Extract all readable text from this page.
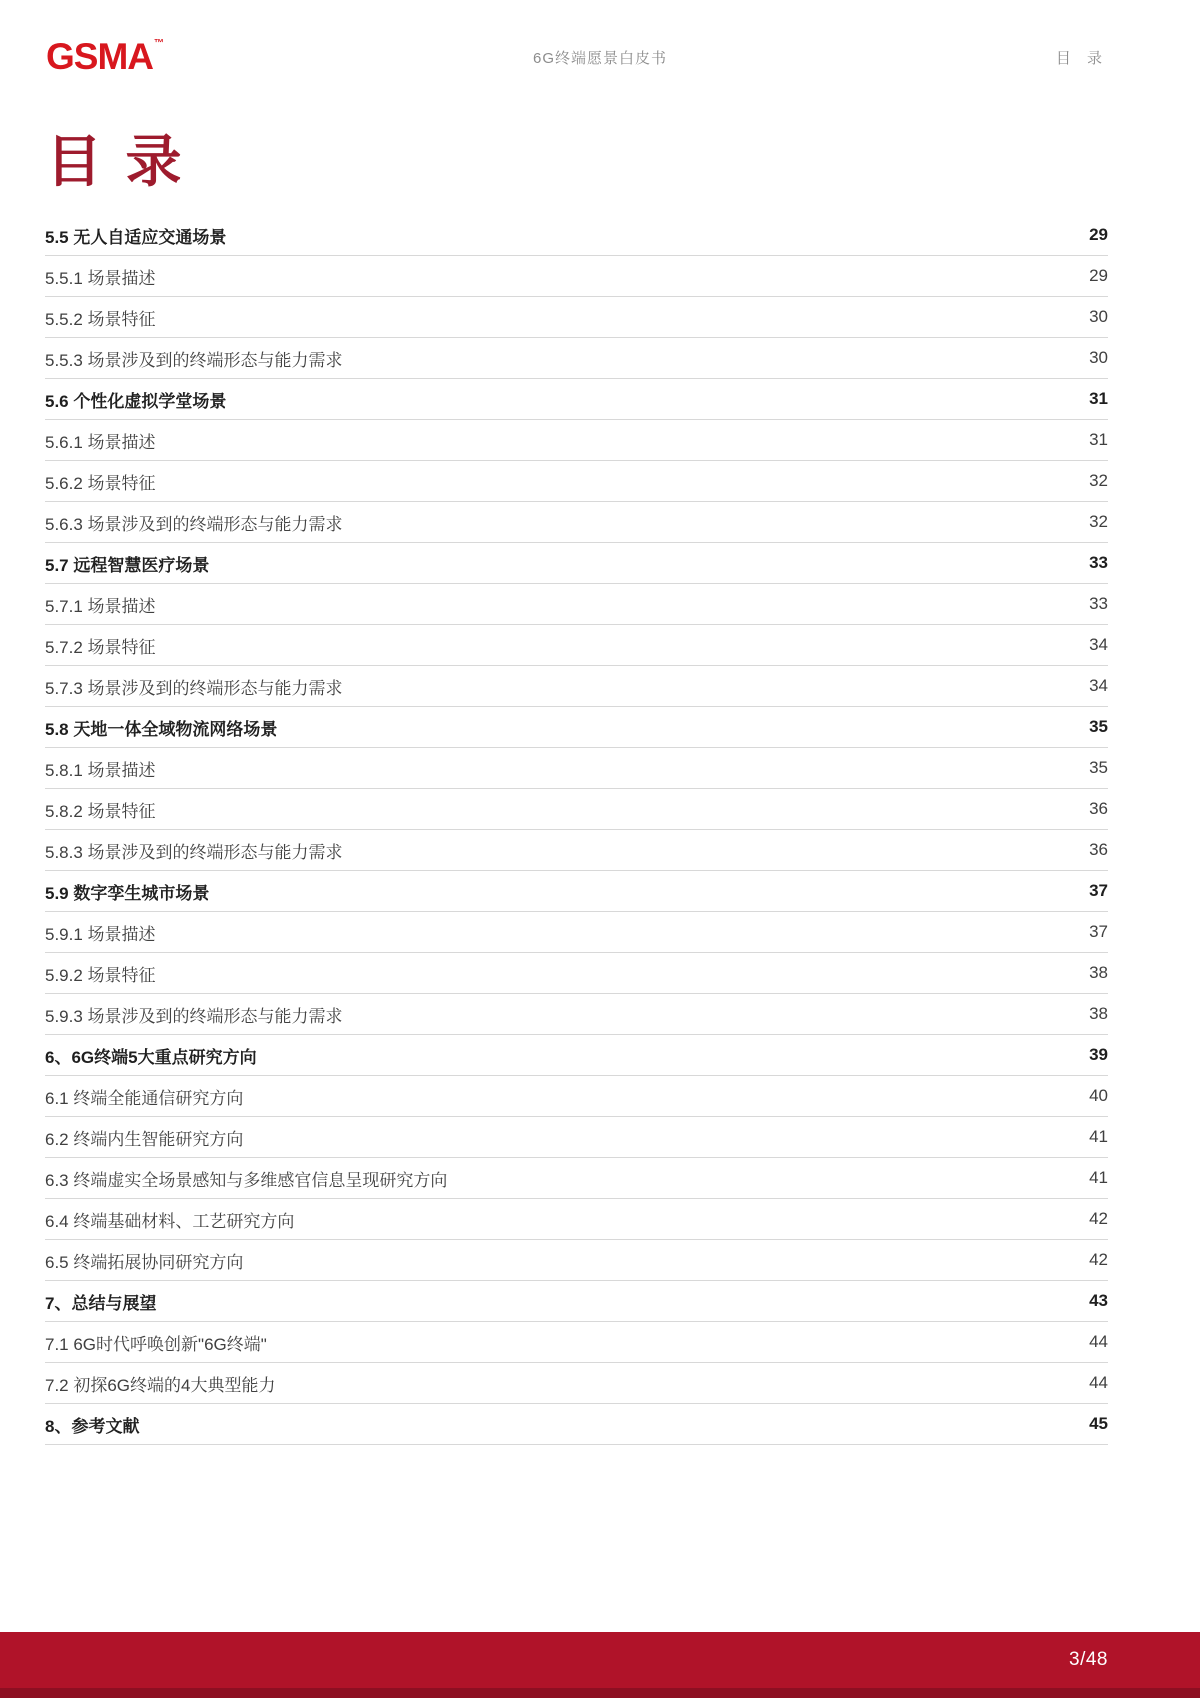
GSMA™
6G终端愿景白皮书	目 录
目 录
5.5 无人自适应交通场景	29
5.5.1 场景描述	29
5.5.2 场景特征	30
5.5.3 场景涉及到的终端形态与能力需求	30
5.6 个性化虚拟学堂场景	31
5.6.1 场景描述	31
5.6.2 场景特征	32
5.6.3 场景涉及到的终端形态与能力需求	32
5.7 远程智慧医疗场景	33
5.7.1 场景描述	33
5.7.2 场景特征	34
5.7.3 场景涉及到的终端形态与能力需求	34
5.8 天地一体全域物流网络场景	35
5.8.1 场景描述	35
5.8.2 场景特征	36
5.8.3 场景涉及到的终端形态与能力需求	36
5.9 数字孪生城市场景	37
5.9.1 场景描述	37
5.9.2 场景特征	38
5.9.3 场景涉及到的终端形态与能力需求	38
6、6G终端5大重点研究方向	39
6.1 终端全能通信研究方向	40
6.2 终端内生智能研究方向	41
6.3 终端虚实全场景感知与多维感官信息呈现研究方向	41
6.4 终端基础材料、工艺研究方向	42
6.5 终端拓展协同研究方向	42
7、总结与展望	43
7.1 6G时代呼唤创新"6G终端"	44
7.2 初探6G终端的4大典型能力	44
8、参考文献	45
3/48
